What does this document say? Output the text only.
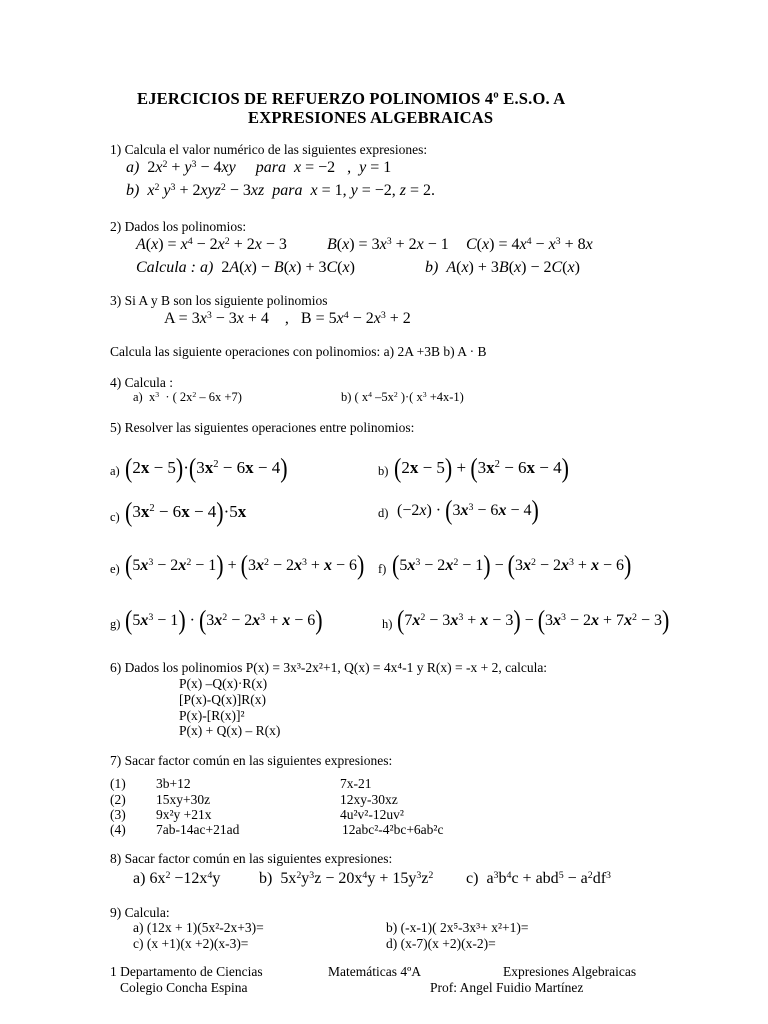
EJERCICIOS DE REFUERZO POLINOMIOS 4º E.S.O. A
EXPRESIONES ALGEBRAICAS
1) Calcula el valor numérico de las siguientes expresiones:
a)  $2x^2 + y^3 - 4xy$ para x = −2   ,  y = 1
b) $x^2$ $y^3 + 2xyz^2 - 3xz$ para x = 1, y = −2, z = 2.
2) Dados los polinomios:
$A(x) = x^4 - 2x^2 + 2x - 3$	$B(x) = 3x^3 + 2x - 1$ $C(x) = 4x^4 - x^3 + 8x$
Calcula : a)  2A(x) − B(x) + 3C(x)	b) A(x) + 3B(x) − 2C(x)
3) Si A y B son los siguiente polinomios
$A = 3x^3 - 3x + 4$    ,   $B = 5x^4 - 2x^3 + 2$
Calcula las siguiente operaciones con polinomios: a) 2A +3B b) A · B
4) Calcula :
a)  $x^3$  · ( $2x^2 - 6x +7$)	b) ( $x^4$ $-5x^2$ )·( $x^3 +4x-1$)
5) Resolver las siguientes operaciones entre polinomios:
a) $(2x - 5)\cdot(3x^2 - 6x - 4)$	b) $(2x - 5) + (3x^2 - 6x - 4)$
c) $(3x^2 - 6x - 4)\cdot 5x$	d) $(-2x) \cdot (3x^3 - 6x - 4)$
e) $(5x^3 - 2x^2 - 1) + (3x^2 - 2x^3 + x - 6)$ f) $(5x^3 - 2x^2 - 1) - (3x^2 - 2x^3 + x - 6)$
g) $(5x^3 - 1) \cdot (3x^2 - 2x^3 + x - 6)$	h) $(7x^2 - 3x^3 + x - 3) - (3x^3 - 2x + 7x^2 - 3)$
6) Dados los polinomios P(x) = 3x³-2x²+1, Q(x) = 4x⁴-1 y R(x) = -x + 2, calcula:
P(x) –Q(x)·R(x)
[P(x)-Q(x)]R(x)
P(x)-[R(x)]²
P(x) + Q(x) – R(x)
7) Sacar factor común en las siguientes expresiones:
(1) 3b+12	7x-21
(2) 15xy+30z	12xy-30xz
(3) 9x²y +21x	4u²v²-12uv²
(4) 7ab-14ac+21ad	12abc²-4²bc+6ab²c
8) Sacar factor común en las siguientes expresiones:
a) $6x^2 -12x^4y$ b)  $5x^2y^3z - 20x^4y + 15y^3z^2$ c)  $a^3b^4c + abd^5 - a^2df^3$
9) Calcula:
a) (12x + 1)(5x²-2x+3)=	b) (-x-1)( 2x⁵-3x³+ x²+1)=
c) (x +1)(x +2)(x-3)=	d) (x-7)(x +2)(x-2)=
1 Departamento de Ciencias
Colegio Concha Espina
Matemáticas 4ºA	Expresiones Algebraicas
Prof: Angel Fuidio Martínez
